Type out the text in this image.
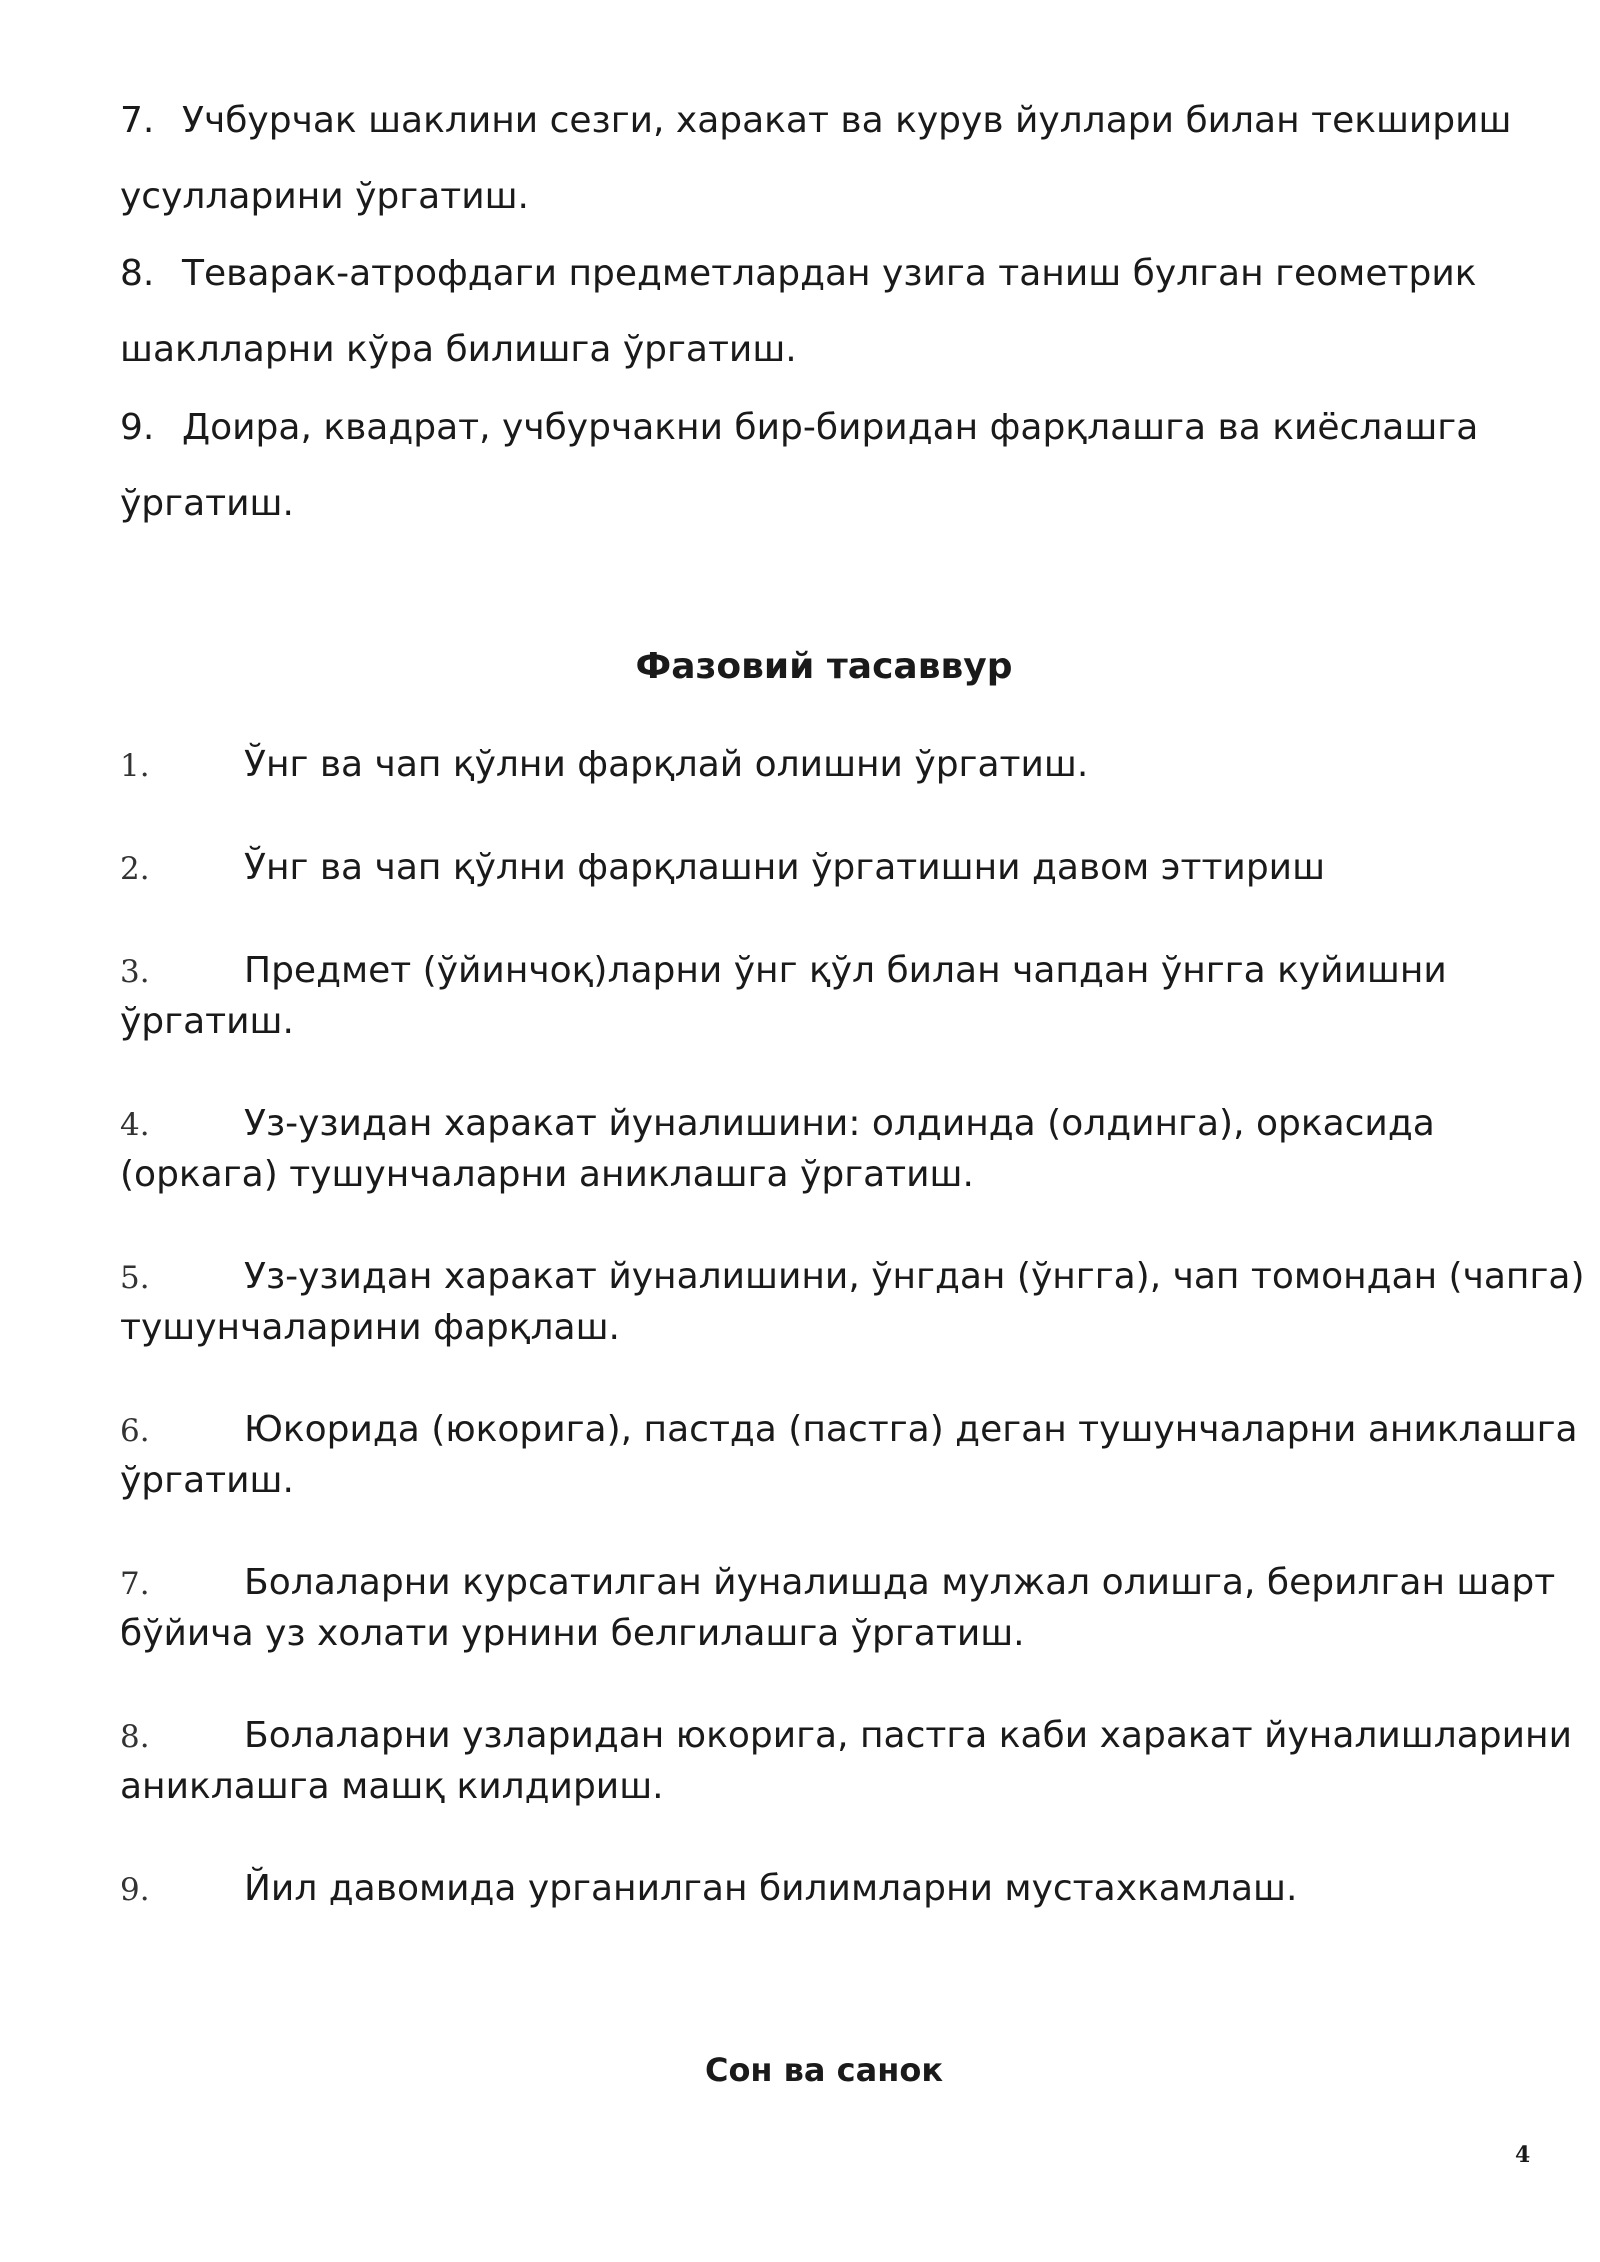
7. Учбурчак шаклини сезги, харакат ва курув йуллари билан текшириш
усулларини ўргатиш.
8. Теварак-атрофдаги предметлардан узига таниш булган геометрик
шаклларни кўра билишга ўргатиш.
9. Доира, квадрат, учбурчакни бир-биридан фарқлашга ва киёслашга
ўргатиш.
Фазовий тасаввур
1.	Ўнг ва чап қўлни фарқлай олишни ўргатиш.
2.	Ўнг ва чап қўлни фарқлашни ўргатишни давом эттириш
3.	Предмет (ўйинчоқ)ларни ўнг қўл билан чапдан ўнгга куйишни
ўргатиш.
4.	Уз-узидан харакат йуналишини: олдинда (олдинга), оркасида
(оркага) тушунчаларни аниклашга ўргатиш.
5.	Уз-узидан харакат йуналишини, ўнгдан (ўнгга), чап томондан (чапга)
тушунчаларини фарқлаш.
6.	Юкорида (юкорига), пастда (пастга) деган тушунчаларни аниклашга
ўргатиш.
7.	Болаларни курсатилган йуналишда мулжал олишга, берилган шарт
бўйича уз холати урнини белгилашга ўргатиш.
8.	Болаларни узларидан юкорига, пастга каби харакат йуналишларини
аниклашга машқ килдириш.
9.	Йил давомида урганилган билимларни мустахкамлаш.
Сон ва санок
4
